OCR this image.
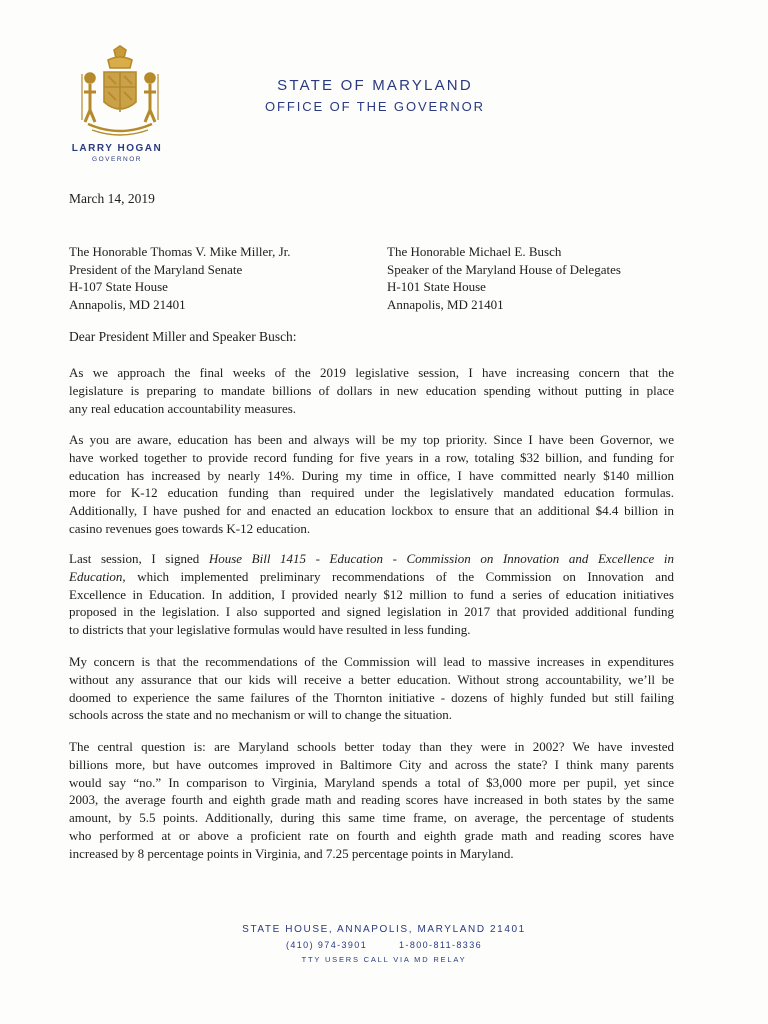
LARRY HOGAN
GOVERNOR
STATE OF MARYLAND
OFFICE OF THE GOVERNOR
March 14, 2019
The Honorable Thomas V. Mike Miller, Jr.
President of the Maryland Senate
H-107 State House
Annapolis, MD 21401
The Honorable Michael E. Busch
Speaker of the Maryland House of Delegates
H-101 State House
Annapolis, MD 21401
Dear President Miller and Speaker Busch:
As we approach the final weeks of the 2019 legislative session, I have increasing concern that the
legislature is preparing to mandate billions of dollars in new education spending without putting in place
any real education accountability measures.
As you are aware, education has been and always will be my top priority. Since I have been Governor, we
have worked together to provide record funding for five years in a row, totaling $32 billion, and funding for
education has increased by nearly 14%. During my time in office, I have committed nearly $140 million
more for K-12 education funding than required under the legislatively mandated education formulas.
Additionally, I have pushed for and enacted an education lockbox to ensure that an additional $4.4 billion in
casino revenues goes towards K-12 education.
Last session, I signed House Bill 1415 - Education - Commission on Innovation and Excellence in
Education, which implemented preliminary recommendations of the Commission on Innovation and
Excellence in Education. In addition, I provided nearly $12 million to fund a series of education initiatives
proposed in the legislation. I also supported and signed legislation in 2017 that provided additional funding
to districts that your legislative formulas would have resulted in less funding.
My concern is that the recommendations of the Commission will lead to massive increases in expenditures
without any assurance that our kids will receive a better education. Without strong accountability, we’ll be
doomed to experience the same failures of the Thornton initiative - dozens of highly funded but still failing
schools across the state and no mechanism or will to change the situation.
The central question is: are Maryland schools better today than they were in 2002? We have invested
billions more, but have outcomes improved in Baltimore City and across the state? I think many parents
would say “no.” In comparison to Virginia, Maryland spends a total of $3,000 more per pupil, yet since
2003, the average fourth and eighth grade math and reading scores have increased in both states by the same
amount, by 5.5 points. Additionally, during this same time frame, on average, the percentage of students
who performed at or above a proficient rate on fourth and eighth grade math and reading scores have
increased by 8 percentage points in Virginia, and 7.25 percentage points in Maryland.
STATE HOUSE, ANNAPOLIS, MARYLAND 21401
(410) 974-3901	1-800-811-8336
TTY USERS CALL VIA MD RELAY
